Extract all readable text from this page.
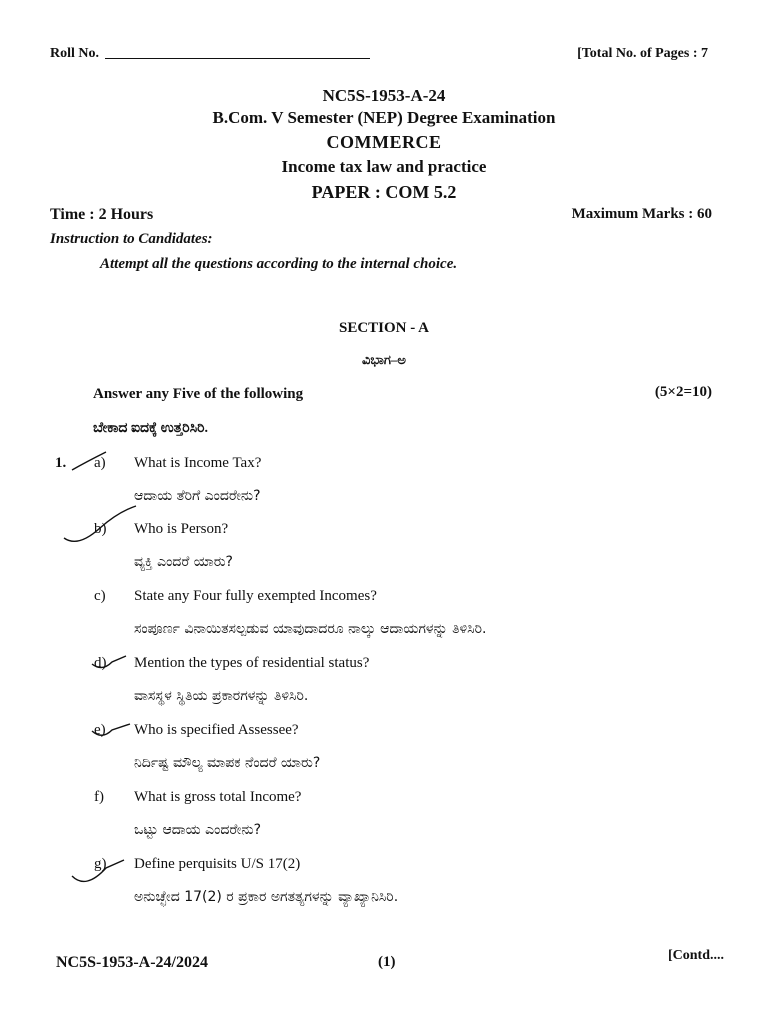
Roll No.	[Total No. of Pages : 7
NC5S-1953-A-24
B.Com. V Semester (NEP) Degree Examination
COMMERCE
Income tax law and practice
PAPER : COM 5.2
Time : 2 Hours	Maximum Marks : 60
Instruction to Candidates:
Attempt all the questions according to the internal choice.
SECTION - A
ವಿಭಾಗ–ಅ
Answer any Five of the following	(5×2=10)
ಬೇಕಾದ ಐದಕ್ಕೆ ಉತ್ತರಿಸಿರಿ.
1. a) What is Income Tax?
ಆದಾಯ ತೆರಿಗೆ ಎಂದರೇನು?
b) Who is Person?
ವ್ಯಕ್ತಿ ಎಂದರೆ ಯಾರು?
c) State any Four fully exempted Incomes?
ಸಂಪೂರ್ಣ ವಿನಾಯಿತಸಲ್ಪಡುವ ಯಾವುದಾದರೂ ನಾಲ್ಕು ಆದಾಯಗಳನ್ನು ತಿಳಿಸಿರಿ.
d) Mention the types of residential status?
ವಾಸಸ್ಥಳ ಸ್ಥಿತಿಯ ಪ್ರಕಾರಗಳನ್ನು ತಿಳಿಸಿರಿ.
e) Who is specified Assessee?
ನಿರ್ದಿಷ್ಟ ಮೌಲ್ಯ ಮಾಪಕ ನೆಂದರೆ ಯಾರು?
f) What is gross total Income?
ಒಟ್ಟು ಆದಾಯ ಎಂದರೇನು?
g) Define perquisits U/S 17(2)
ಅನುಚ್ಛೇದ 17(2) ರ ಪ್ರಕಾರ ಅಗತತ್ಯಗಳನ್ನು ವ್ಯಾಖ್ಯಾನಿಸಿರಿ.
NC5S-1953-A-24/2024	(1)	[Contd....
